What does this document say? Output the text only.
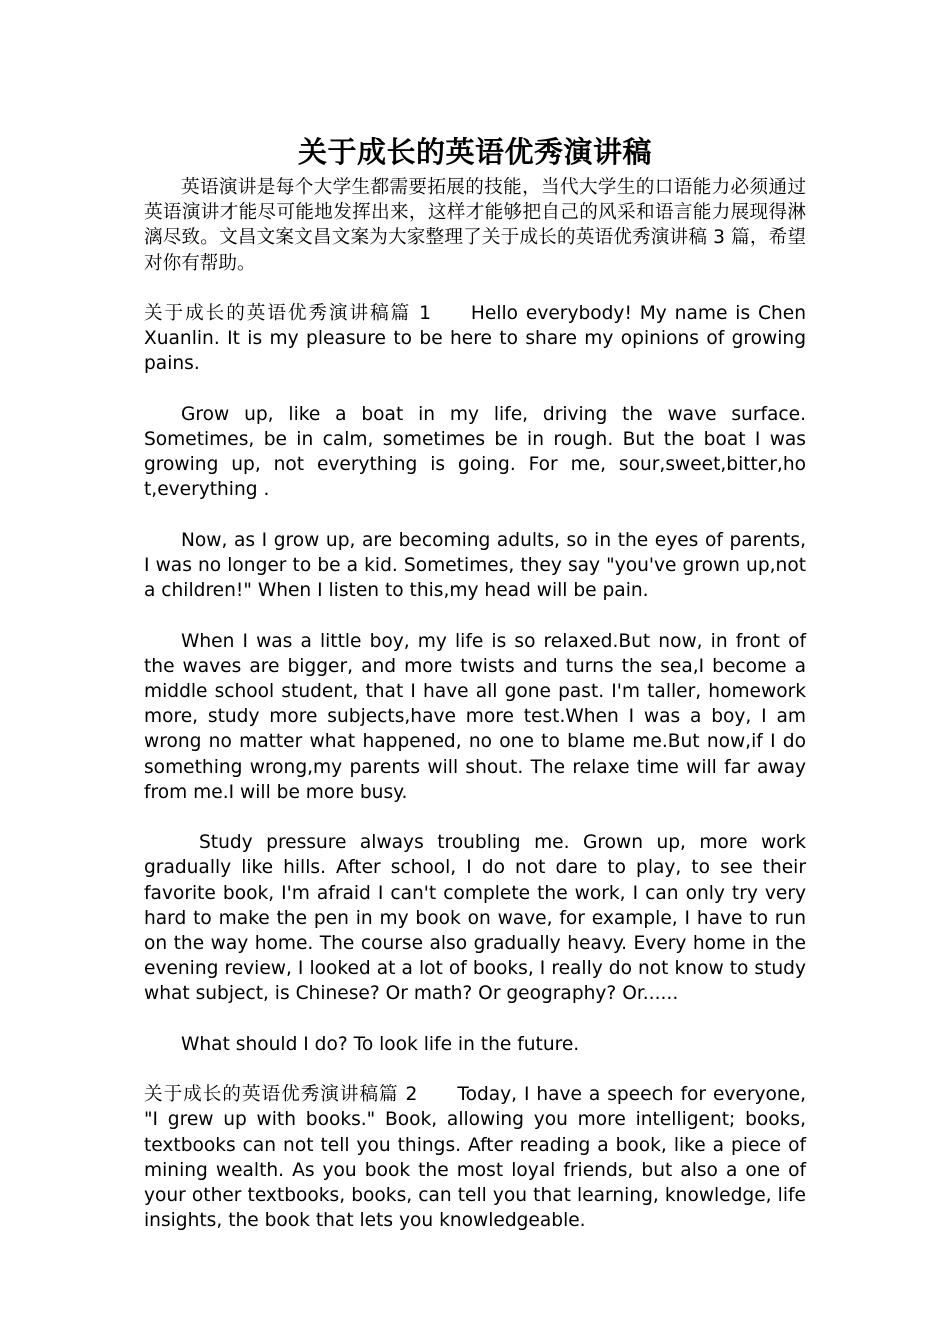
关于成长的英语优秀演讲稿

英语演讲是每个大学生都需要拓展的技能，当代大学生的口语能力必须通过英语演讲才能尽可能地发挥出来，这样才能够把自己的风采和语言能力展现得淋漓尽致。文昌文案文昌文案为大家整理了关于成长的英语优秀演讲稿 3 篇，希望对你有帮助。

关于成长的英语优秀演讲稿篇 1 Hello everybody! My name is Chen Xuanlin. It is my pleasure to be here to share my opinions of growing pains.

Grow up, like a boat in my life, driving the wave surface. Sometimes, be in calm, sometimes be in rough. But the boat I was growing up, not everything is going. For me, sour,sweet,bitter,ho t,everything .

Now, as I grow up, are becoming adults, so in the eyes of parents, I was no longer to be a kid. Sometimes, they say "you've grown up,not a children!" When I listen to this,my head will be pain.

When I was a little boy, my life is so relaxed.But now, in front of the waves are bigger, and more twists and turns the sea,I become a middle school student, that I have all gone past. I'm taller, homework more, study more subjects,have more test.When I was a boy, I am wrong no matter what happened, no one to blame me.But now,if I do something wrong,my parents will shout. The relaxe time will far away from me.I will be more busy.

Study pressure always troubling me. Grown up, more work gradually like hills. After school, I do not dare to play, to see their favorite book, I'm afraid I can't complete the work, I can only try very hard to make the pen in my book on wave, for example, I have to run on the way home. The course also gradually heavy. Every home in the evening review, I looked at a lot of books, I really do not know to study what subject, is Chinese? Or math? Or geography? Or......

What should I do? To look life in the future.

关于成长的英语优秀演讲稿篇 2 Today, I have a speech for everyone, "I grew up with books." Book, allowing you more intelligent; books, textbooks can not tell you things. After reading a book, like a piece of mining wealth. As you book the most loyal friends, but also a one of your other textbooks, books, can tell you that learning, knowledge, life insights, the book that lets you knowledgeable.
